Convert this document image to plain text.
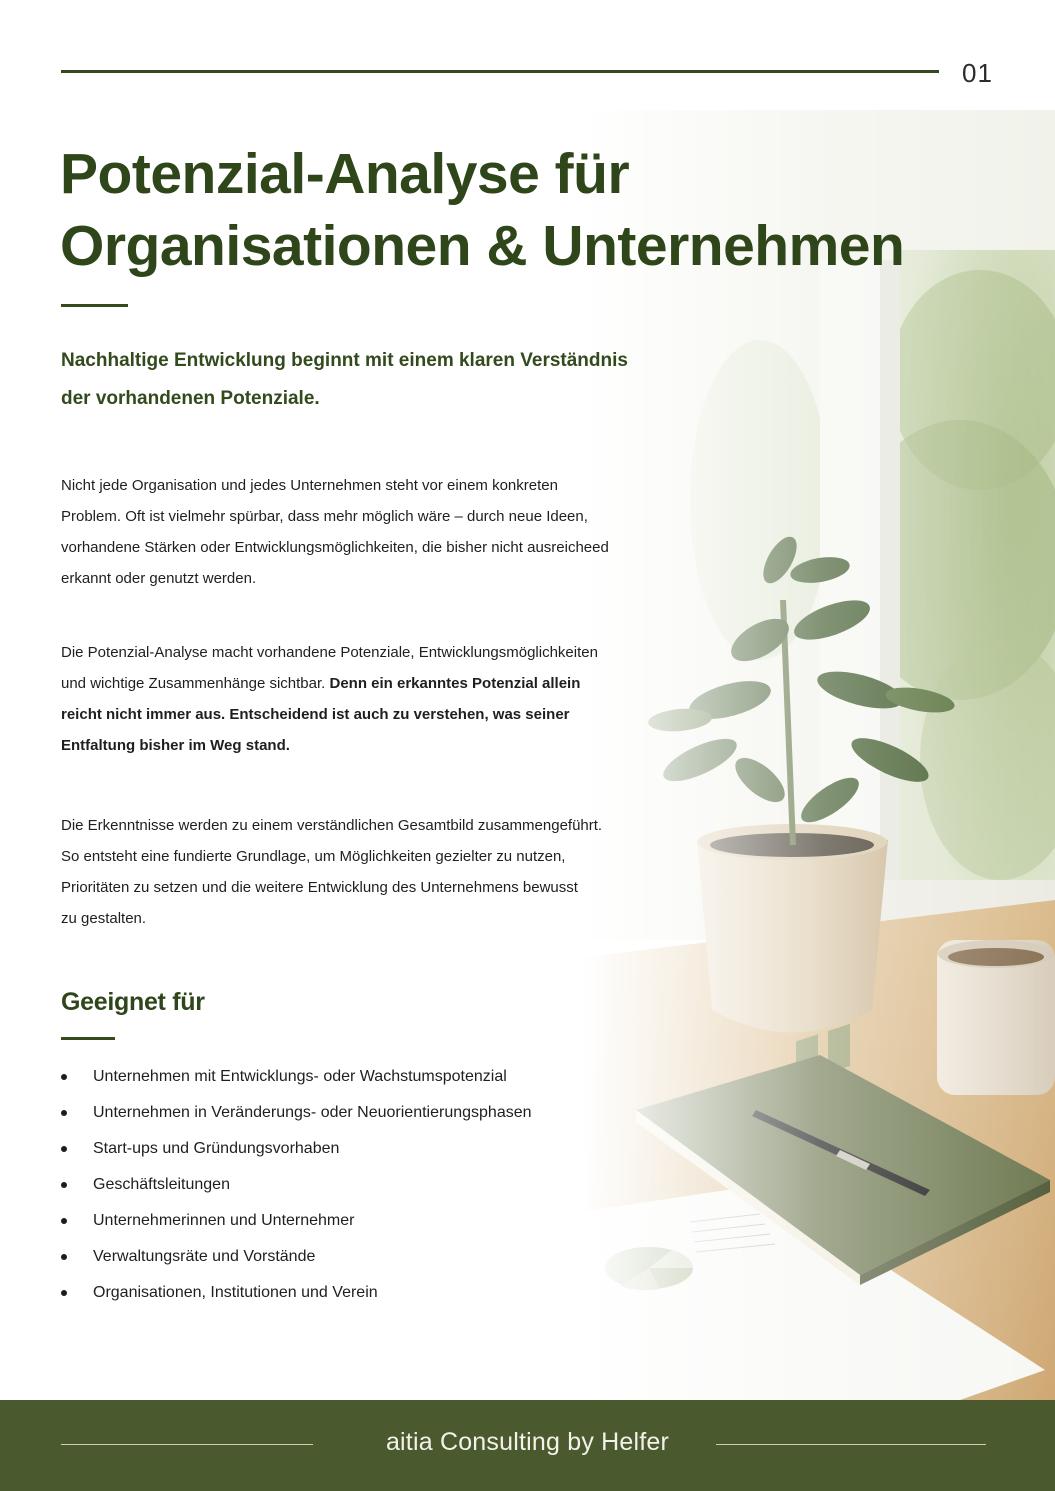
01
Potenzial-Analyse für
Organisationen & Unternehmen

Nachhaltige Entwicklung beginnt mit einem klaren Verständnis
der vorhandenen Potenziale.

Nicht jede Organisation und jedes Unternehmen steht vor einem konkreten
Problem. Oft ist vielmehr spürbar, dass mehr möglich wäre – durch neue Ideen,
vorhandene Stärken oder Entwicklungsmöglichkeiten, die bisher nicht ausreicheed
erkannt oder genutzt werden.

Die Potenzial-Analyse macht vorhandene Potenziale, Entwicklungsmöglichkeiten
und wichtige Zusammenhänge sichtbar. Denn ein erkanntes Potenzial allein
reicht nicht immer aus. Entscheidend ist auch zu verstehen, was seiner
Entfaltung bisher im Weg stand.

Die Erkenntnisse werden zu einem verständlichen Gesamtbild zusammengeführt.
So entsteht eine fundierte Grundlage, um Möglichkeiten gezielter zu nutzen,
Prioritäten zu setzen und die weitere Entwicklung des Unternehmens bewusst
zu gestalten.

Geeignet für
Unternehmen mit Entwicklungs- oder Wachstumspotenzial
Unternehmen in Veränderungs- oder Neuorientierungsphasen
Start-ups und Gründungsvorhaben
Geschäftsleitungen
Unternehmerinnen und Unternehmer
Verwaltungsräte und Vorstände
Organisationen, Institutionen und Verein
aitia Consulting by Helfer
